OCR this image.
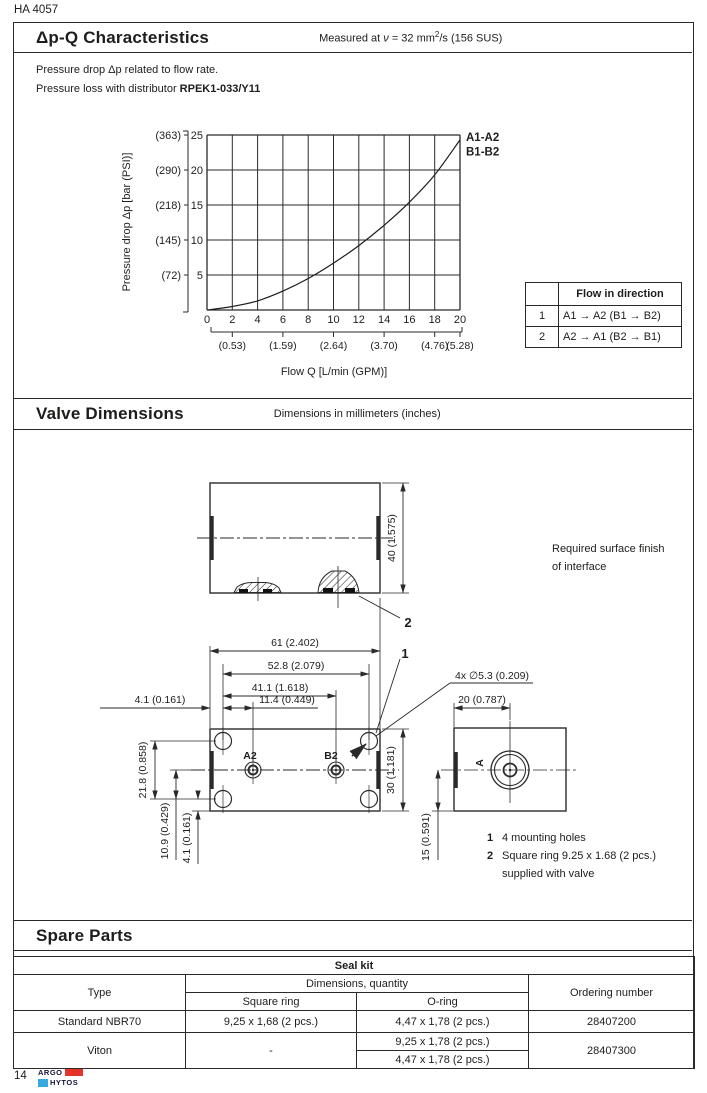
HA 4057
Δp-Q Characteristics	Measured at ν = 32 $mm^2/s$ (156 SUS)
Pressure drop Δp related to flow rate.
Pressure loss with distributor RPEK1-033/Y11
5
10
15
20
25
(72)
(145)
(218)
(290)
(363)
0 2 4 6 8 10 12 14 16 18 20
(0.53) (1.59) (2.64) (3.70) (4.76)
(5.28)
Flow Q [L/min (GPM)]
Pressure drop Δp [bar (PSI)]
A1-A2
B1-B2
	Flow in direction
1	A1 → A2 (B1 → B2)
2	A2 → A1 (B2 → B1)
Valve Dimensions	Dimensions in millimeters (inches)
40 (1.575)
2
1
A2	B2
61 (2.402)
52.8 (2.079)
41.1 (1.618)
11.4 (0.449)
4.1 (0.161)
21.8 (0.858)
10.9 (0.429) 4.1 (0.161)
30 (1.181)
4x ∅5.3 (0.209)
A
20 (0.787)
15 (0.591)
Required surface finish
of interface
1 4 mounting holes
2 Square ring 9.25 x 1.68 (2 pcs.)
supplied with valve
Spare Parts
Seal kit			
Type	Dimensions, quantity		Ordering number
	Square ring	O-ring	
Standard NBR70	9,25 x 1,68 (2 pcs.)	4,47 x 1,78 (2 pcs.)	28407200
Viton	-	9,25 x 1,78 (2 pcs.)	28407300
		4,47 x 1,78 (2 pcs.)	
14 ARGO
HYTOS
